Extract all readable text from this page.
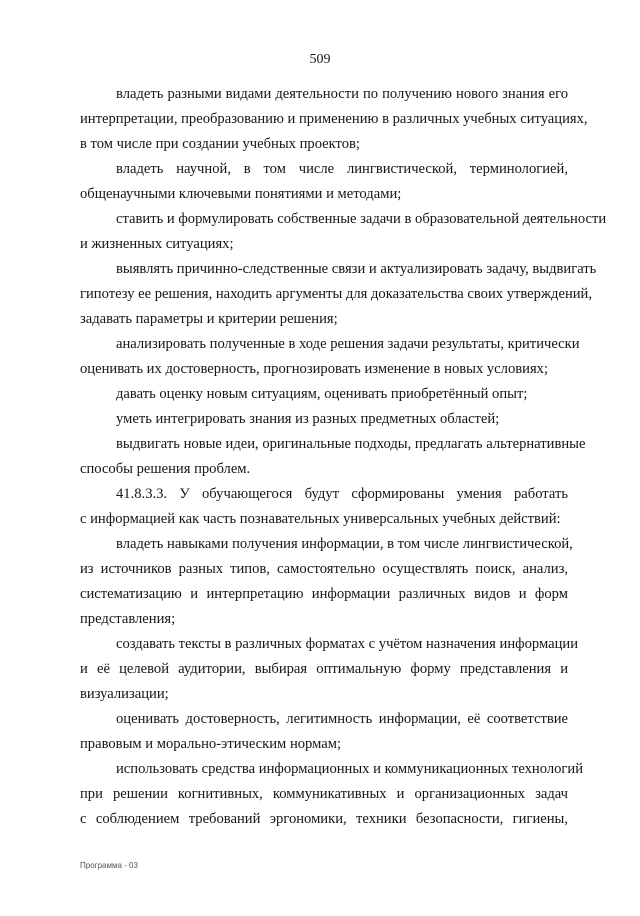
509
владеть разными видами деятельности по получению нового знания его
интерпретации, преобразованию и применению в различных учебных ситуациях,
в том числе при создании учебных проектов;
владеть научной, в том числе лингвистической, терминологией,
общенаучными ключевыми понятиями и методами;
ставить и формулировать собственные задачи в образовательной деятельности
и жизненных ситуациях;
выявлять причинно-следственные связи и актуализировать задачу, выдвигать
гипотезу ее решения, находить аргументы для доказательства своих утверждений,
задавать параметры и критерии решения;
анализировать полученные в ходе решения задачи результаты, критически
оценивать их достоверность, прогнозировать изменение в новых условиях;
давать оценку новым ситуациям, оценивать приобретённый опыт;
уметь интегрировать знания из разных предметных областей;
выдвигать новые идеи, оригинальные подходы, предлагать альтернативные
способы решения проблем.
41.8.3.3. У обучающегося будут сформированы умения работать
с информацией как часть познавательных универсальных учебных действий:
владеть навыками получения информации, в том числе лингвистической,
из источников разных типов, самостоятельно осуществлять поиск, анализ,
систематизацию и интерпретацию информации различных видов и форм
представления;
создавать тексты в различных форматах с учётом назначения информации
и её целевой аудитории, выбирая оптимальную форму представления и
визуализации;
оценивать достоверность, легитимность информации, её соответствие
правовым и морально-этическим нормам;
использовать средства информационных и коммуникационных технологий
при решении когнитивных, коммуникативных и организационных задач
с соблюдением требований эргономики, техники безопасности, гигиены,
Программа - 03
